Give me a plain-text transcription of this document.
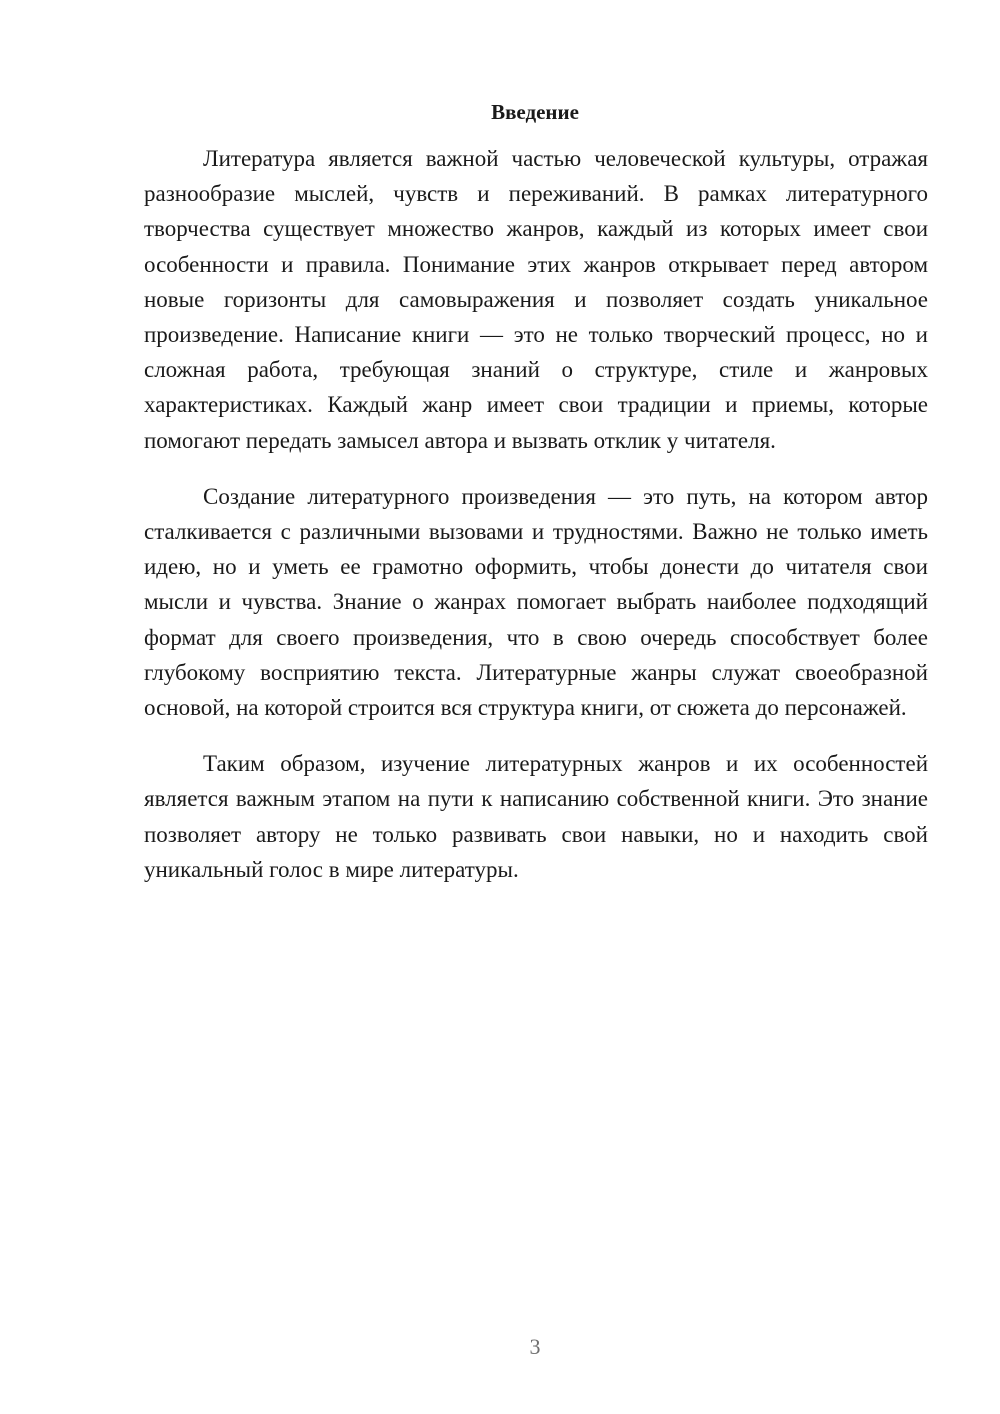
Введение

Литература является важной частью человеческой культуры, отражая разнообразие мыслей, чувств и переживаний. В рамках литературного творчества существует множество жанров, каждый из которых имеет свои особенности и правила. Понимание этих жанров открывает перед автором новые горизонты для самовыражения и позволяет создать уникальное произведение. Написание книги — это не только творческий процесс, но и сложная работа, требующая знаний о структуре, стиле и жанровых характеристиках. Каждый жанр имеет свои традиции и приемы, которые помогают передать замысел автора и вызвать отклик у читателя.

Создание литературного произведения — это путь, на котором автор сталкивается с различными вызовами и трудностями. Важно не только иметь идею, но и уметь ее грамотно оформить, чтобы донести до читателя свои мысли и чувства. Знание о жанрах помогает выбрать наиболее подходящий формат для своего произведения, что в свою очередь способствует более глубокому восприятию текста. Литературные жанры служат своеобразной основой, на которой строится вся структура книги, от сюжета до персонажей.

Таким образом, изучение литературных жанров и их особенностей является важным этапом на пути к написанию собственной книги. Это знание позволяет автору не только развивать свои навыки, но и находить свой уникальный голос в мире литературы.

3
